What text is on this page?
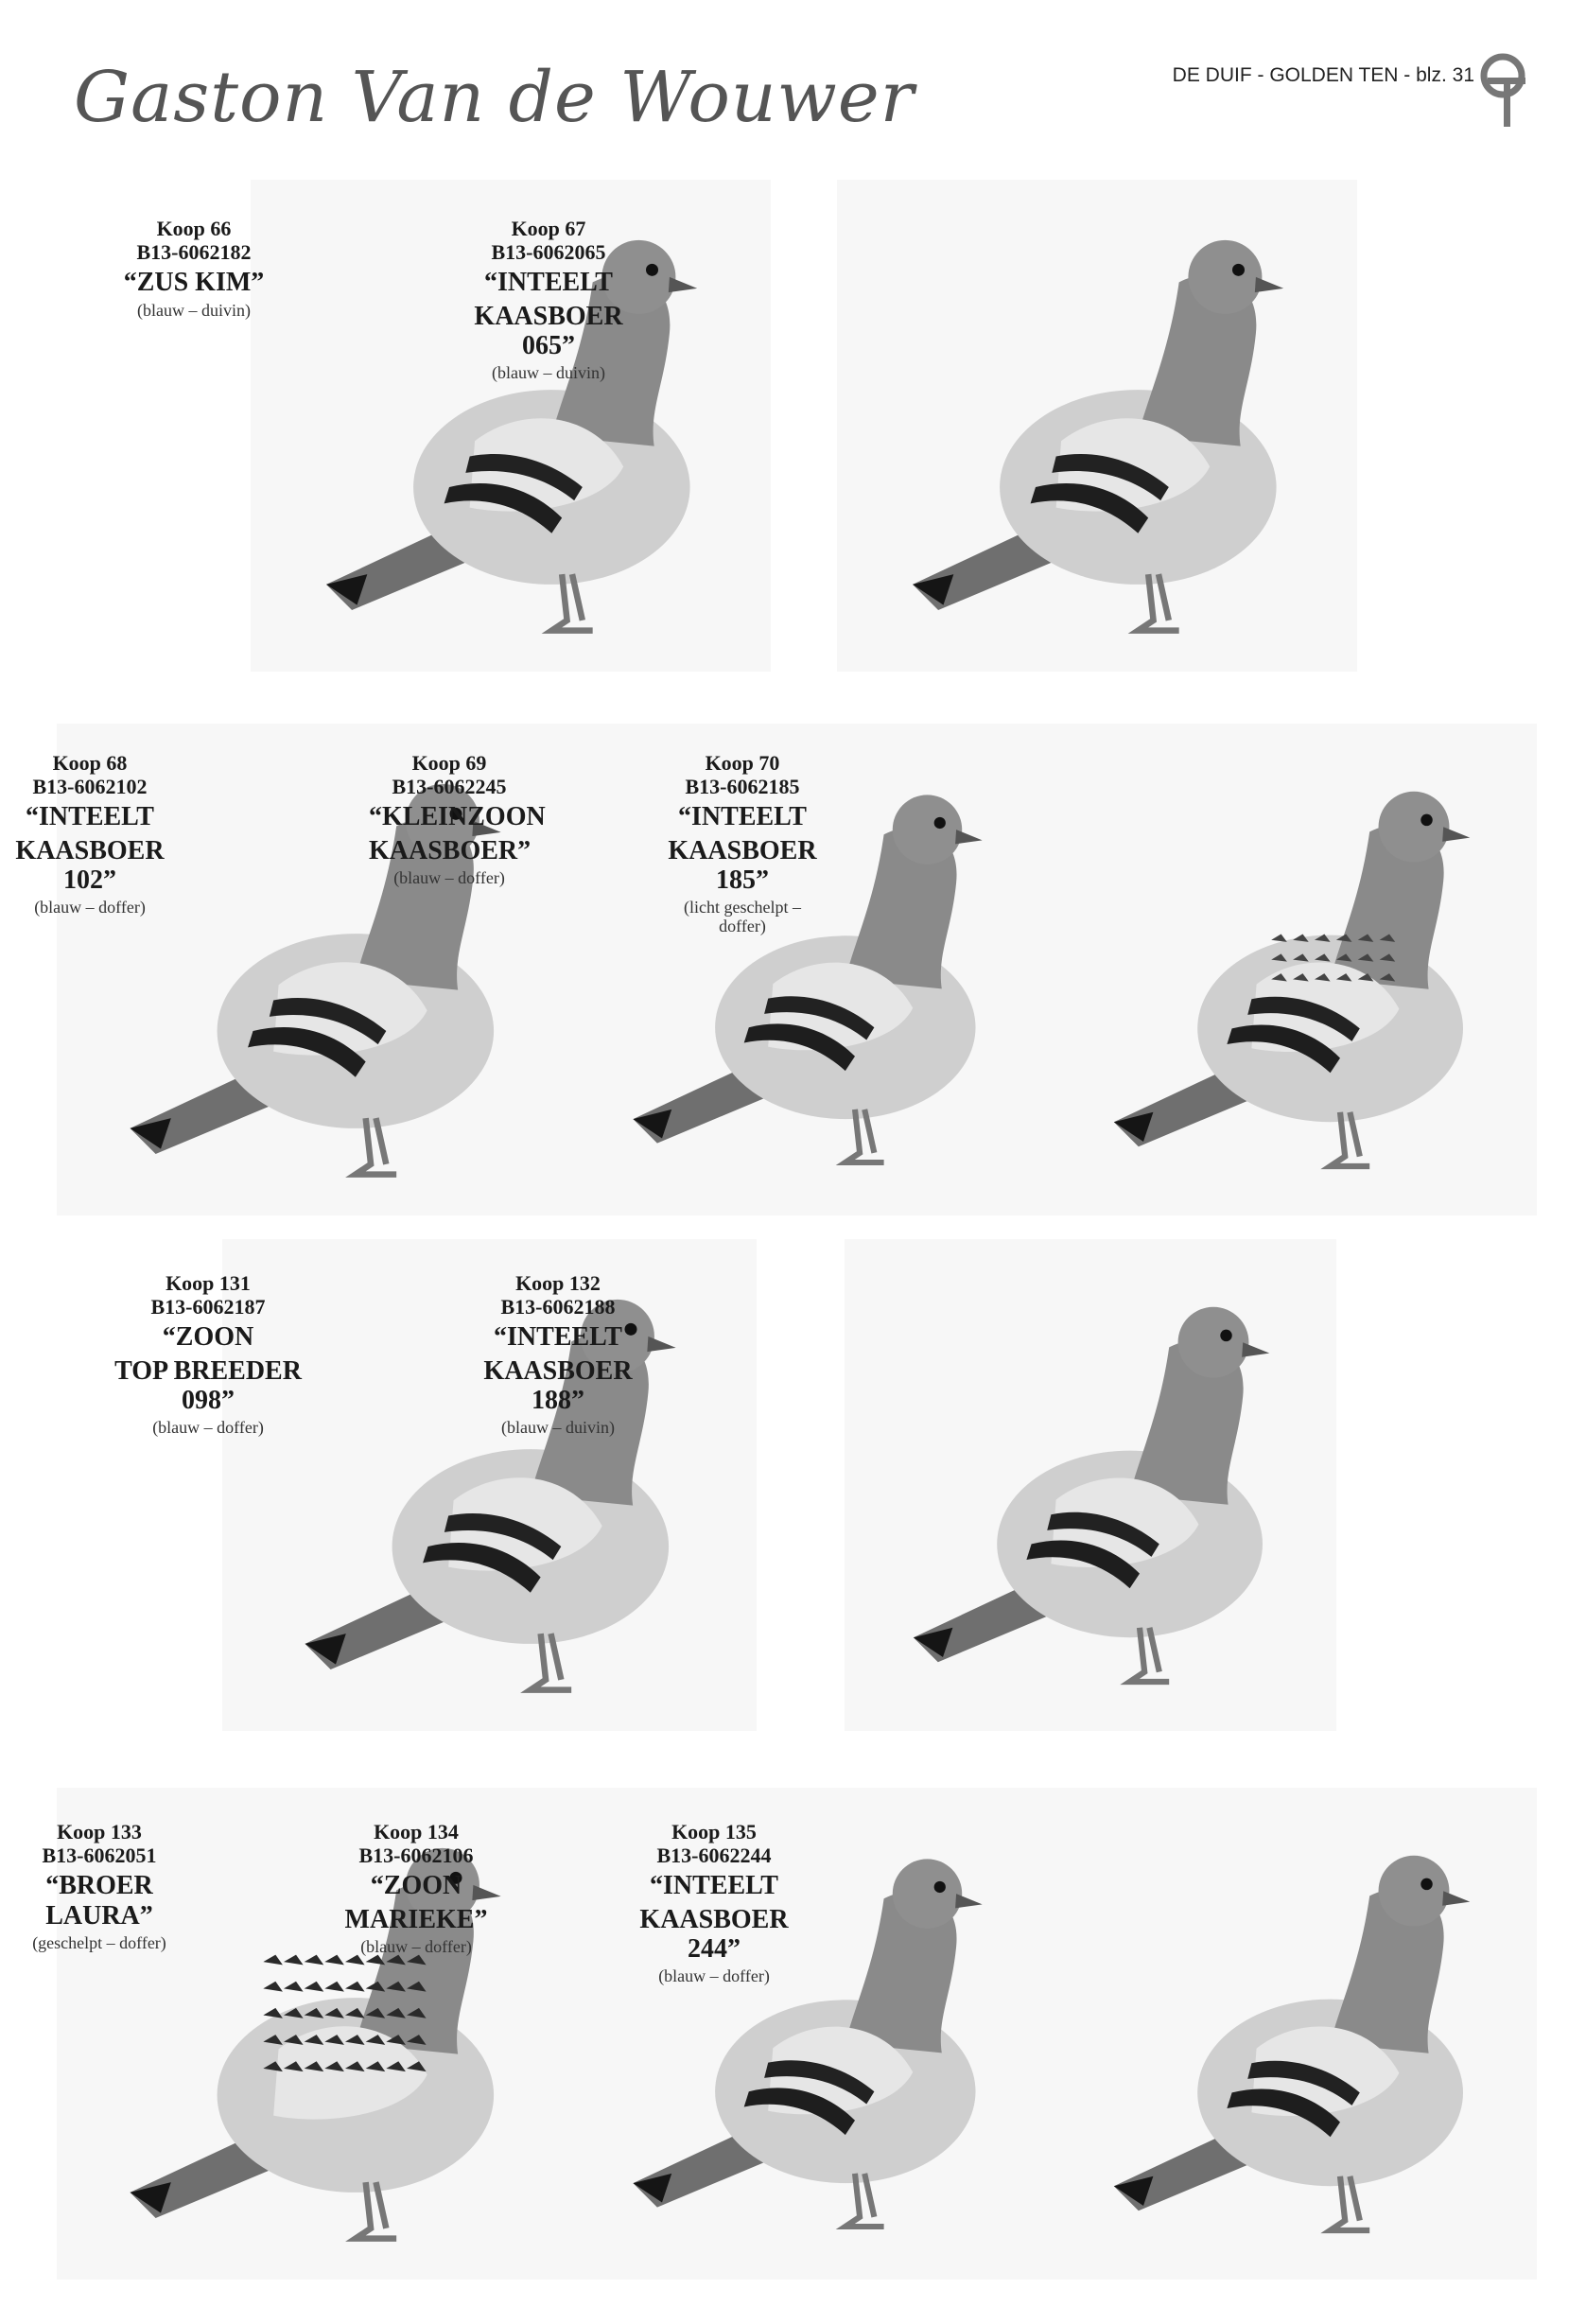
Gaston Van de Wouwer	DE DUIF - GOLDEN TEN - blz. 31
Koop 66
B13-6062182
“ZUS KIM”
(blauw – duivin)
Koop 67
B13-6062065
“INTEELT
KAASBOER 065”
(blauw – duivin)
Koop 68
B13-6062102
“INTEELT
KAASBOER 102”
(blauw – doffer)
Koop 69
B13-6062245
“KLEINZOON
KAASBOER”
(blauw – doffer)
Koop 70
B13-6062185
“INTEELT
KAASBOER 185”
(licht geschelpt – doffer)
Koop 131
B13-6062187
“ZOON
TOP BREEDER 098”
(blauw – doffer)
Koop 132
B13-6062188
“INTEELT
KAASBOER 188”
(blauw – duivin)
Koop 133
B13-6062051
“BROER LAURA”
(geschelpt – doffer)
Koop 134
B13-6062106
“ZOON
MARIEKE”
(blauw – doffer)
Koop 135
B13-6062244
“INTEELT
KAASBOER 244”
(blauw – doffer)
